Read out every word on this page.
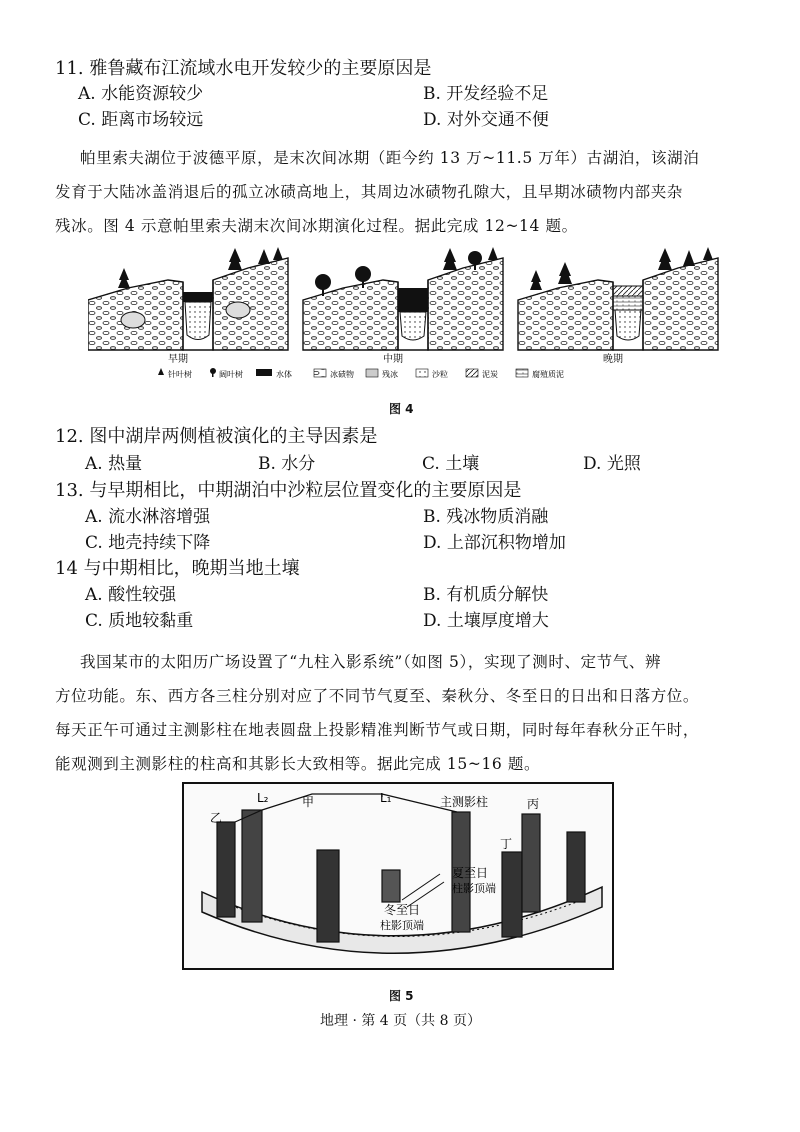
11. 雅鲁藏布江流域水电开发较少的主要原因是
A. 水能资源较少	B. 开发经验不足
C. 距离市场较远	D. 对外交通不便
帕里索夫湖位于波德平原，是末次间冰期（距今约 13 万~11.5 万年）古湖泊，该湖泊
发育于大陆冰盖消退后的孤立冰碛高地上，其周边冰碛物孔隙大，且早期冰碛物内部夹杂
残冰。图 4 示意帕里索夫湖末次间冰期演化过程。据此完成 12~14 题。
早期	中期	晚期
针叶树	阔叶树	水体	冰碛物	残冰	沙粒	泥炭	腐殖质泥
图 4
12. 图中湖岸两侧植被演化的主导因素是
A. 热量	B. 水分	C. 土壤	D. 光照
13. 与早期相比，中期湖泊中沙粒层位置变化的主要原因是
A. 流水淋溶增强	B. 残冰物质消融
C. 地壳持续下降	D. 上部沉积物增加
14 与中期相比，晚期当地土壤
A. 酸性较强	B. 有机质分解快
C. 质地较黏重	D. 土壤厚度增大
我国某市的太阳历广场设置了“九柱入影系统”（如图 5），实现了测时、定节气、辨
方位功能。东、西方各三柱分别对应了不同节气夏至、秦秋分、冬至日的日出和日落方位。
每天正午可通过主测影柱在地表圆盘上投影精准判断节气或日期，同时每年春秋分正午时，
能观测到主测影柱的柱高和其影长大致相等。据此完成 15~16 题。
L₂	甲	L₁	主测影柱	丙
乙
丁
夏至日
柱影顶端
冬至日
柱影顶端
图 5
地理 · 第 4 页（共 8 页）
